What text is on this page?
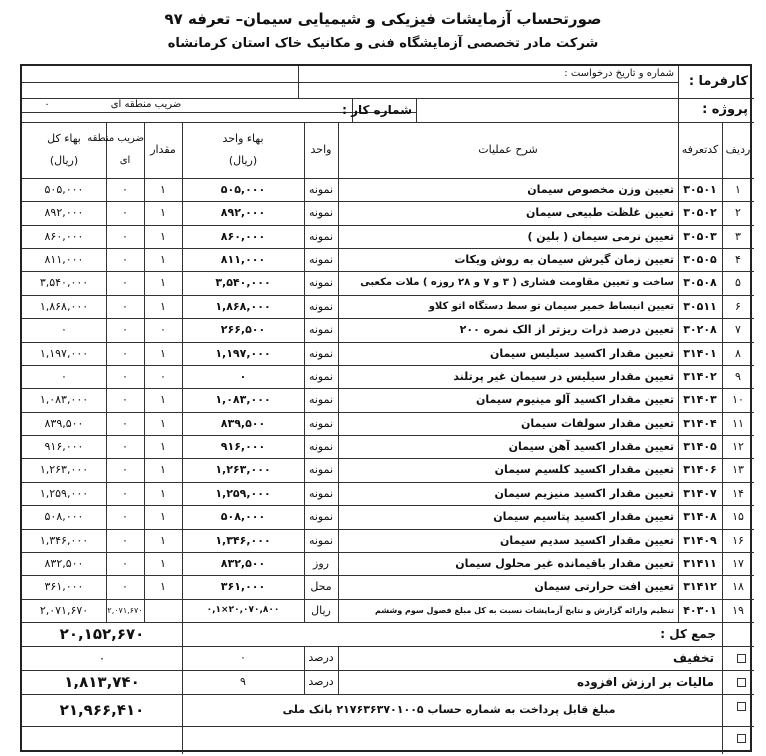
صورتحساب آزمایشات فیزیکی و شیمیایی سیمان– تعرفه ۹۷
شرکت مادر تخصصی آزمایشگاه فنی و مکانیک خاک استان کرمانشاه
کارفرما :
پروژه :
شماره و تاریخ درخواست :
شماره کار :
ضریب منطقه ای
۰
ردیف
کدتعرفه
شرح عملیات
واحد
بهاء واحد
(ریال)
مقدار
ضریب منطقه
ای
بهاء کل
(ریال)
۱
۳۰۵۰۱
تعیین وزن مخصوص سیمان
نمونه
۵۰۵,۰۰۰
۱
۰
۵۰۵,۰۰۰
۲
۳۰۵۰۲
تعیین غلظت طبیعی سیمان
نمونه
۸۹۲,۰۰۰
۱
۰
۸۹۲,۰۰۰
۳
۳۰۵۰۳
تعیین نرمی سیمان ( بلین )
نمونه
۸۶۰,۰۰۰
۱
۰
۸۶۰,۰۰۰
۴
۳۰۵۰۵
تعیین زمان گیرش سیمان به روش ویکات
نمونه
۸۱۱,۰۰۰
۱
۰
۸۱۱,۰۰۰
۵
۳۰۵۰۸
ساخت و تعیین مقاومت فشاری ( ۳ و ۷ و ۲۸ روزه ) ملات مکعبی
نمونه
۳,۵۴۰,۰۰۰
۱
۰
۳,۵۴۰,۰۰۰
۶
۳۰۵۱۱
تعیین انبساط خمیر سیمان تو سط دستگاه اتو کلاو
نمونه
۱,۸۶۸,۰۰۰
۱
۰
۱,۸۶۸,۰۰۰
۷
۳۰۲۰۸
تعیین درصد ذرات ریزتر از الک نمره ۲۰۰
نمونه
۲۶۶,۵۰۰
۰
۰
۰
۸
۳۱۴۰۱
تعیین مقدار اکسید سیلیس سیمان
نمونه
۱,۱۹۷,۰۰۰
۱
۰
۱,۱۹۷,۰۰۰
۹
۳۱۴۰۲
تعیین مقدار سیلیس در سیمان غیر پرتلند
نمونه
۰
۰
۰
۰
۱۰
۳۱۴۰۳
تعیین مقدار اکسید آلو مینیوم سیمان
نمونه
۱,۰۸۳,۰۰۰
۱
۰
۱,۰۸۳,۰۰۰
۱۱
۳۱۴۰۴
تعیین مقدار سولفات سیمان
نمونه
۸۳۹,۵۰۰
۱
۰
۸۳۹,۵۰۰
۱۲
۳۱۴۰۵
تعیین مقدار اکسید آهن سیمان
نمونه
۹۱۶,۰۰۰
۱
۰
۹۱۶,۰۰۰
۱۳
۳۱۴۰۶
تعیین مقدار اکسید کلسیم سیمان
نمونه
۱,۲۶۳,۰۰۰
۱
۰
۱,۲۶۳,۰۰۰
۱۴
۳۱۴۰۷
تعیین مقدار اکسید منیزیم سیمان
نمونه
۱,۲۵۹,۰۰۰
۱
۰
۱,۲۵۹,۰۰۰
۱۵
۳۱۴۰۸
تعیین مقدار اکسید پتاسیم سیمان
نمونه
۵۰۸,۰۰۰
۱
۰
۵۰۸,۰۰۰
۱۶
۳۱۴۰۹
تعیین مقدار اکسید سدیم سیمان
نمونه
۱,۳۴۶,۰۰۰
۱
۰
۱,۳۴۶,۰۰۰
۱۷
۳۱۴۱۱
تعیین مقدار باقیمانده غیر محلول سیمان
روز
۸۳۲,۵۰۰
۱
۰
۸۳۲,۵۰۰
۱۸
۳۱۴۱۲
تعیین افت حرارتی سیمان
محل
۳۶۱,۰۰۰
۱
۰
۳۶۱,۰۰۰
۱۹
۴۰۳۰۱
تنظیم وارائه گزارش و نتایج آزمایشات نسبت به کل مبلغ فصول سوم وششم
ریال
۲۰,۰۷۰,۸۰۰×۰,۱
۲,۰۷۱,۶۷۰
۲,۰۷۱,۶۷۰
جمع کل :
۲۰,۱۵۲,۶۷۰
تخفیف
درصد
۰
۰
مالیات بر ارزش افزوده
درصد
۹
۱,۸۱۳,۷۴۰
مبلغ قابل پرداخت به شماره حساب ۲۱۷۶۳۶۳۷۰۱۰۰۵ بانک ملی
۲۱,۹۶۶,۴۱۰
